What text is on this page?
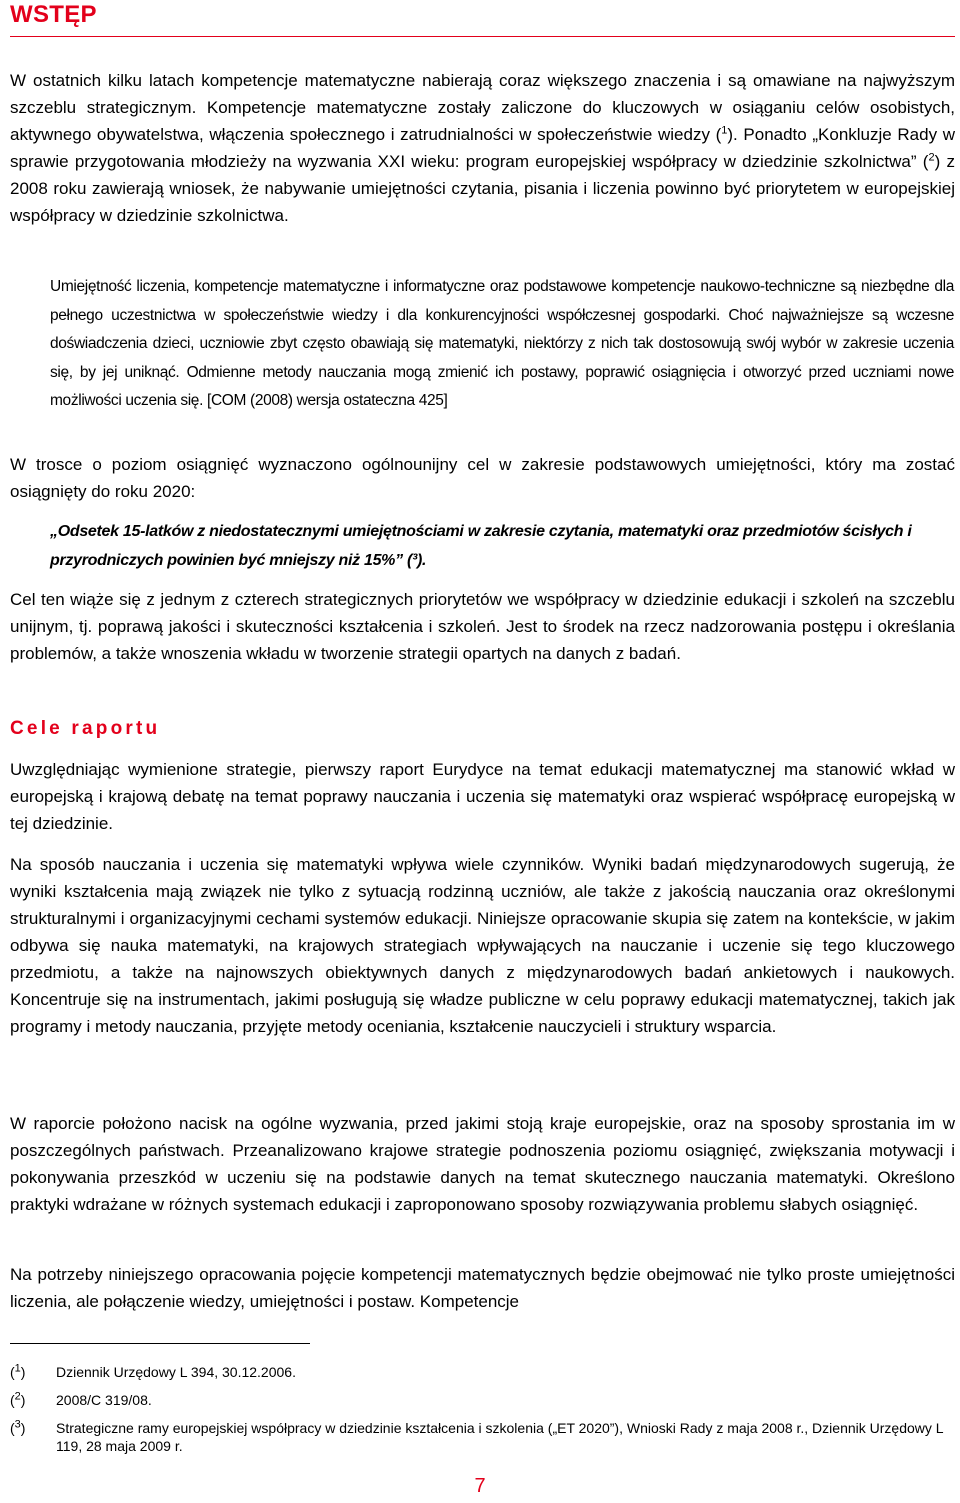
WSTĘP

W ostatnich kilku latach kompetencje matematyczne nabierają coraz większego znaczenia i są omawiane na najwyższym szczeblu strategicznym. Kompetencje matematyczne zostały zaliczone do kluczowych w osiąganiu celów osobistych, aktywnego obywatelstwa, włączenia społecznego i zatrudnialności w społeczeństwie wiedzy ($^1$). Ponadto „Konkluzje Rady w sprawie przygotowania młodzieży na wyzwania XXI wieku: program europejskiej współpracy w dziedzinie szkolnictwa” ($^2$) z 2008 roku zawierają wniosek, że nabywanie umiejętności czytania, pisania i liczenia powinno być priorytetem w europejskiej współpracy w dziedzinie szkolnictwa.

Umiejętność liczenia, kompetencje matematyczne i informatyczne oraz podstawowe kompetencje naukowo-techniczne są niezbędne dla pełnego uczestnictwa w społeczeństwie wiedzy i dla konkurencyjności współczesnej gospodarki. Choć najważniejsze są wczesne doświadczenia dzieci, uczniowie zbyt często obawiają się matematyki, niektórzy z nich tak dostosowują swój wybór w zakresie uczenia się, by jej uniknąć. Odmienne metody nauczania mogą zmienić ich postawy, poprawić osiągnięcia i otworzyć przed uczniami nowe możliwości uczenia się. [COM (2008) wersja ostateczna 425]

W trosce o poziom osiągnięć wyznaczono ogólnounijny cel w zakresie podstawowych umiejętności, który ma zostać osiągnięty do roku 2020:

„Odsetek 15-latków z niedostatecznymi umiejętnościami w zakresie czytania, matematyki oraz przedmiotów ścisłych i przyrodniczych powinien być mniejszy niż 15%” (³).

Cel ten wiąże się z jednym z czterech strategicznych priorytetów we współpracy w dziedzinie edukacji i szkoleń na szczeblu unijnym, tj. poprawą jakości i skuteczności kształcenia i szkoleń. Jest to środek na rzecz nadzorowania postępu i określania problemów, a także wnoszenia wkładu w tworzenie strategii opartych na danych z badań.

Cele raportu

Uwzględniając wymienione strategie, pierwszy raport Eurydyce na temat edukacji matematycznej ma stanowić wkład w europejską i krajową debatę na temat poprawy nauczania i uczenia się matematyki oraz wspierać współpracę europejską w tej dziedzinie.

Na sposób nauczania i uczenia się matematyki wpływa wiele czynników. Wyniki badań międzynarodowych sugerują, że wyniki kształcenia mają związek nie tylko z sytuacją rodzinną uczniów, ale także z jakością nauczania oraz określonymi strukturalnymi i organizacyjnymi cechami systemów edukacji. Niniejsze opracowanie skupia się zatem na kontekście, w jakim odbywa się nauka matematyki, na krajowych strategiach wpływających na nauczanie i uczenie się tego kluczowego przedmiotu, a także na najnowszych obiektywnych danych z międzynarodowych badań ankietowych i naukowych. Koncentruje się na instrumentach, jakimi posługują się władze publiczne w celu poprawy edukacji matematycznej, takich jak programy i metody nauczania, przyjęte metody oceniania, kształcenie nauczycieli i struktury wsparcia.

W raporcie położono nacisk na ogólne wyzwania, przed jakimi stoją kraje europejskie, oraz na sposoby sprostania im w poszczególnych państwach. Przeanalizowano krajowe strategie podnoszenia poziomu osiągnięć, zwiększania motywacji i pokonywania przeszkód w uczeniu się na podstawie danych na temat skutecznego nauczania matematyki. Określono praktyki wdrażane w różnych systemach edukacji i zaproponowano sposoby rozwiązywania problemu słabych osiągnięć.

Na potrzeby niniejszego opracowania pojęcie kompetencji matematycznych będzie obejmować nie tylko proste umiejętności liczenia, ale połączenie wiedzy, umiejętności i postaw. Kompetencje

($^1$) Dziennik Urzędowy L 394, 30.12.2006.
($^2$) 2008/C 319/08.
($^3$) Strategiczne ramy europejskiej współpracy w dziedzinie kształcenia i szkolenia („ET 2020”), Wnioski Rady z maja 2008 r., Dziennik Urzędowy L 119, 28 maja 2009 r.
7
